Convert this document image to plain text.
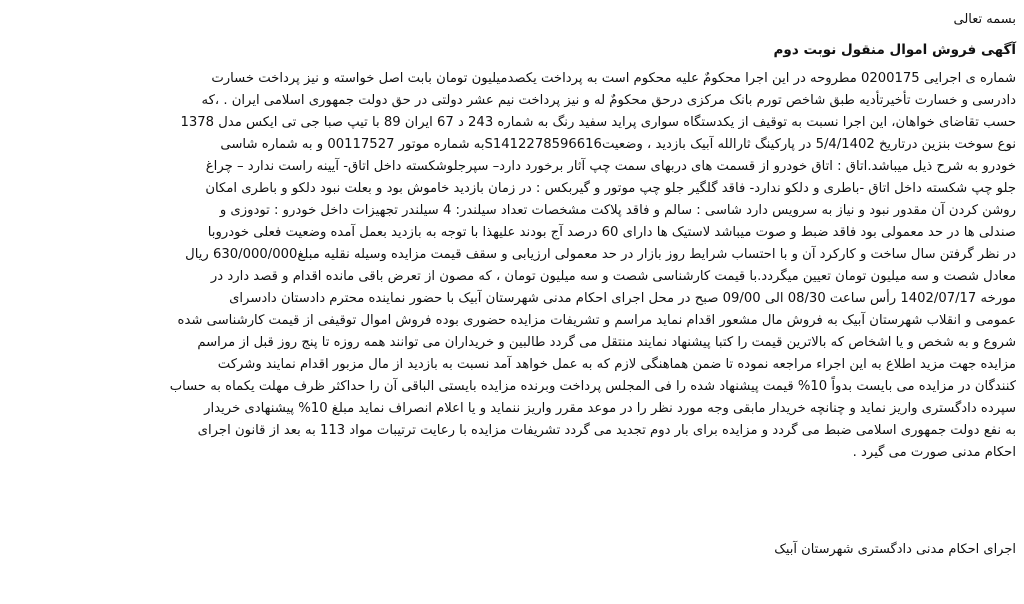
بسمه تعالی
آگهی فروش اموال منقول نوبت دوم
شماره ی اجرایی 0200175 مطروحه در این اجرا محکومٌ علیه محکوم است به پرداخت یکصدمیلیون تومان بابت اصل خواسته و نیز پرداخت خسارت
دادرسی و خسارت تأخیرتأدیه طبق شاخص تورم بانک مرکزی درحق محکومٌ له و نیز پرداخت نیم عشر دولتی در حق دولت جمهوری اسلامی ایران . ،که
حسب تقاضای خواهان، این اجرا نسبت به توقیف از یکدستگاه سواری پراید سفید رنگ به شماره 243 د 67 ایران 89 با تیپ صبا جی تی ایکس مدل 1378
نوع سوخت بنزین درتاریخ 5/4/1402 در پارکینگ ثارالله آبیک بازدید ، وضعیتS1412278596616به شماره موتور 00117527 و به شماره شاسی
خودرو به شرح ذیل میباشد.اتاق : اتاق خودرو از قسمت های دربهای سمت چپ آثار برخورد دارد– سپرجلوشکسته داخل اتاق- آیینه راست ندارد – چراغ
جلو چپ شکسته داخل اتاق -باطری و دلکو ندارد- فاقد گلگیر جلو چپ موتور و گیربکس : در زمان بازدید خاموش بود و بعلت نبود دلکو و باطری امکان
روشن کردن آن مقدور نبود و نیاز به سرویس دارد شاسی : سالم و فاقد پلاکت مشخصات تعداد سیلندر: 4 سیلندر تجهیزات داخل خودرو : تودوزی و
صندلی ها در حد معمولی بود فاقد ضبط و صوت میباشد لاستیک ها دارای 60 درصد آج بودند علیهذا با توجه به بازدید بعمل آمده وضعیت فعلی خودروبا
در نظر گرفتن سال ساخت و کارکرد آن و با احتساب شرایط روز بازار در حد معمولی ارزیابی و سقف قیمت مزایده وسیله نقلیه مبلغ630/000/000 ریال
معادل شصت و سه میلیون تومان تعیین میگردد.با قیمت کارشناسی شصت و سه میلیون تومان ، که مصون از تعرض باقی مانده اقدام و قصد دارد در
مورخه 1402/07/17 رأس ساعت 08/30 الی 09/00 صبح در محل اجرای احکام مدنی شهرستان آبیک با حضور نماینده محترم دادستان دادسرای
عمومی و انقلاب شهرستان آبیک به فروش مال مشعور اقدام نماید مراسم و تشریفات مزایده حضوری بوده فروش اموال توقیفی از قیمت کارشناسی شده
شروع و به شخص و یا اشخاص که بالاترین قیمت را کتبا پیشنهاد نمایند منتقل می گردد طالبین و خریداران می توانند همه روزه تا پنج روز قبل از مراسم
مزایده جهت مزید اطلاع به این اجراء مراجعه نموده تا ضمن هماهنگی لازم که به عمل خواهد آمد نسبت به بازدید از مال مزبور اقدام نمایند وشرکت
کنندگان در مزایده می بایست بدواً 10% قیمت پیشنهاد شده را فی المجلس پرداخت وبرنده مزایده بایستی الباقی آن را حداکثر ظرف مهلت یکماه به حساب
سپرده دادگستری واریز نماید و چنانچه خریدار مابقی وجه مورد نظر را در موعد مقرر واریز ننماید و یا اعلام انصراف نماید مبلغ 10% پیشنهادی خریدار
به نفع دولت جمهوری اسلامی ضبط می گردد و مزایده برای بار دوم تجدید می گردد تشریفات مزایده با رعایت ترتیبات مواد 113 به بعد از قانون اجرای
احکام مدنی صورت می گیرد .
اجرای احکام مدنی دادگستری شهرستان آبیک
